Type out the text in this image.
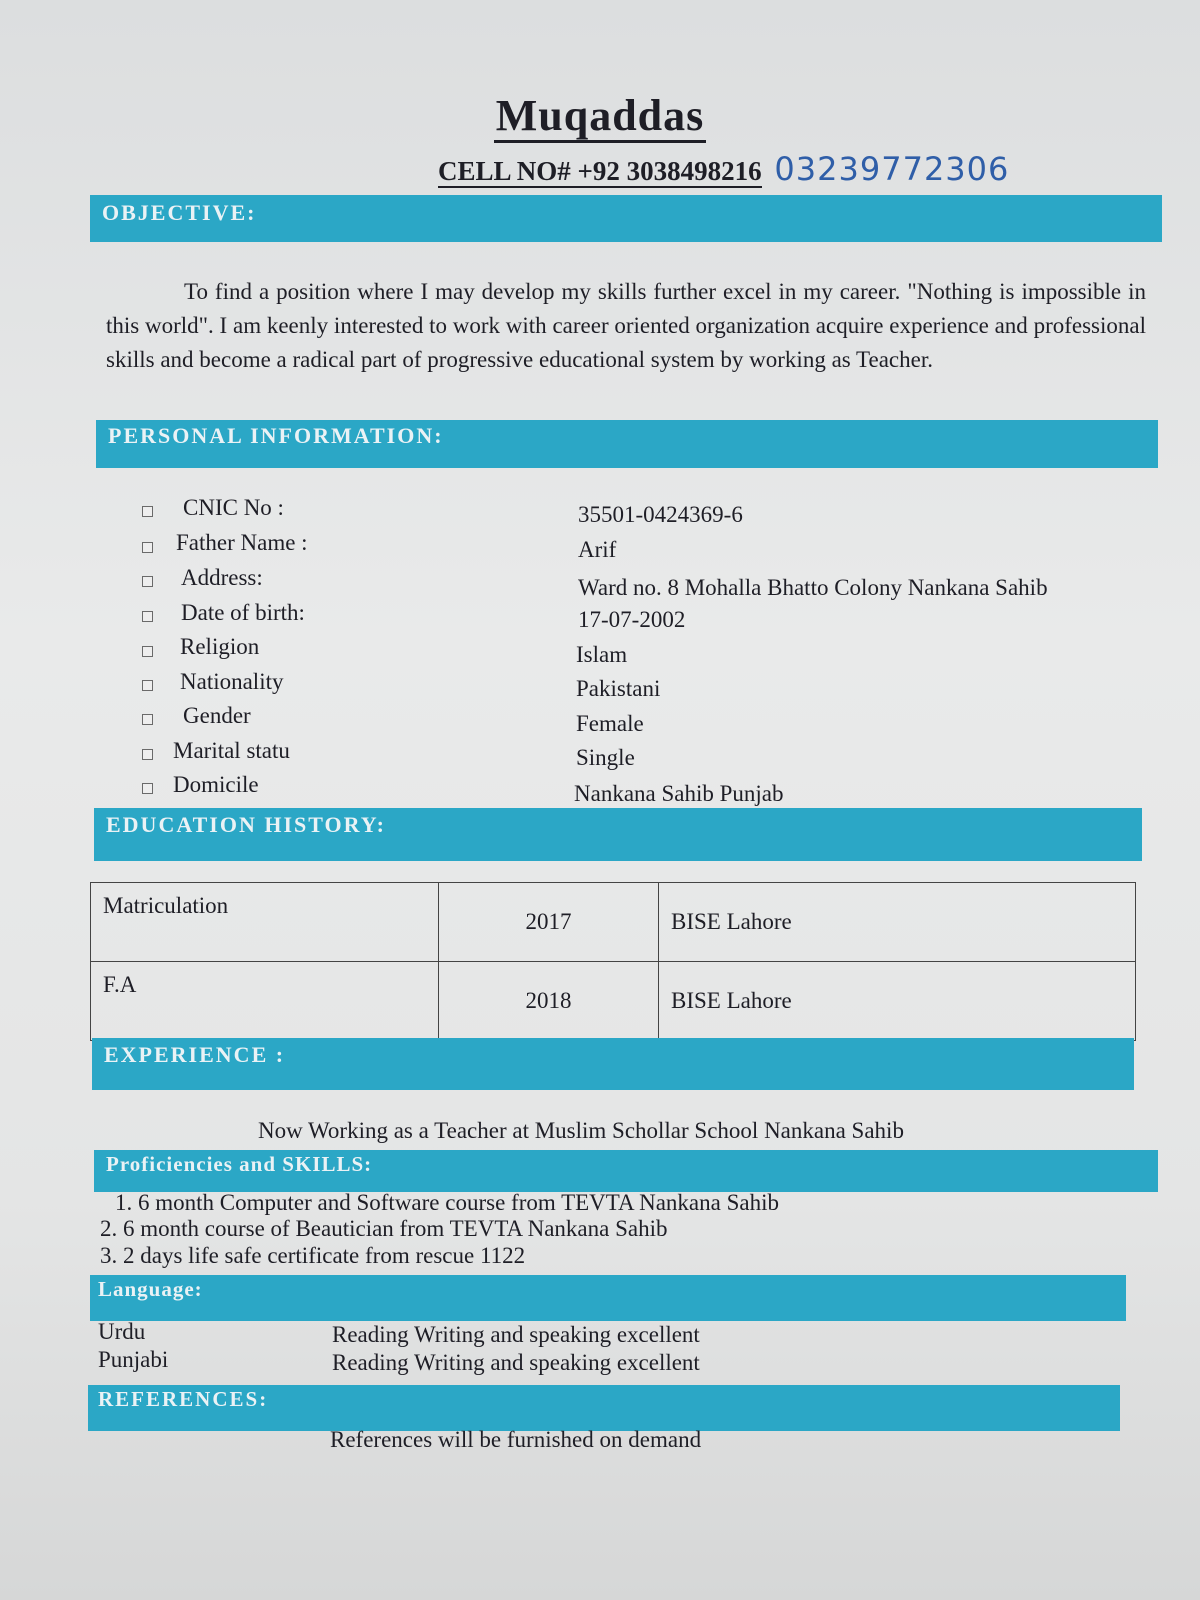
Muqaddas
CELL NO# +92 3038498216 03239772306
OBJECTIVE:
To find a position where I may develop my skills further excel in my career. "Nothing is impossible in this world". I am keenly interested to work with career oriented organization acquire experience and professional skills and become a radical part of progressive educational system by working as Teacher.
PERSONAL INFORMATION:
CNIC No :	35501-0424369-6
Father Name :	Arif
Address:	Ward no. 8 Mohalla Bhatto Colony Nankana Sahib
Date of birth:	17-07-2002
Religion	Islam
Nationality	Pakistani
Gender	Female
Marital statu	Single
Domicile	Nankana Sahib Punjab
EDUCATION HISTORY:
Matriculation	2017	BISE Lahore
F.A	2018	BISE Lahore
EXPERIENCE :
Now Working as a Teacher at Muslim Schollar School Nankana Sahib
Proficiencies and SKILLS:
1. 6 month Computer and Software course from TEVTA Nankana Sahib
2. 6 month course of Beautician from TEVTA Nankana Sahib
3. 2 days life safe certificate from rescue 1122
Language:
Urdu	Reading Writing and speaking excellent
Punjabi	Reading Writing and speaking excellent
REFERENCES:
References will be furnished on demand
